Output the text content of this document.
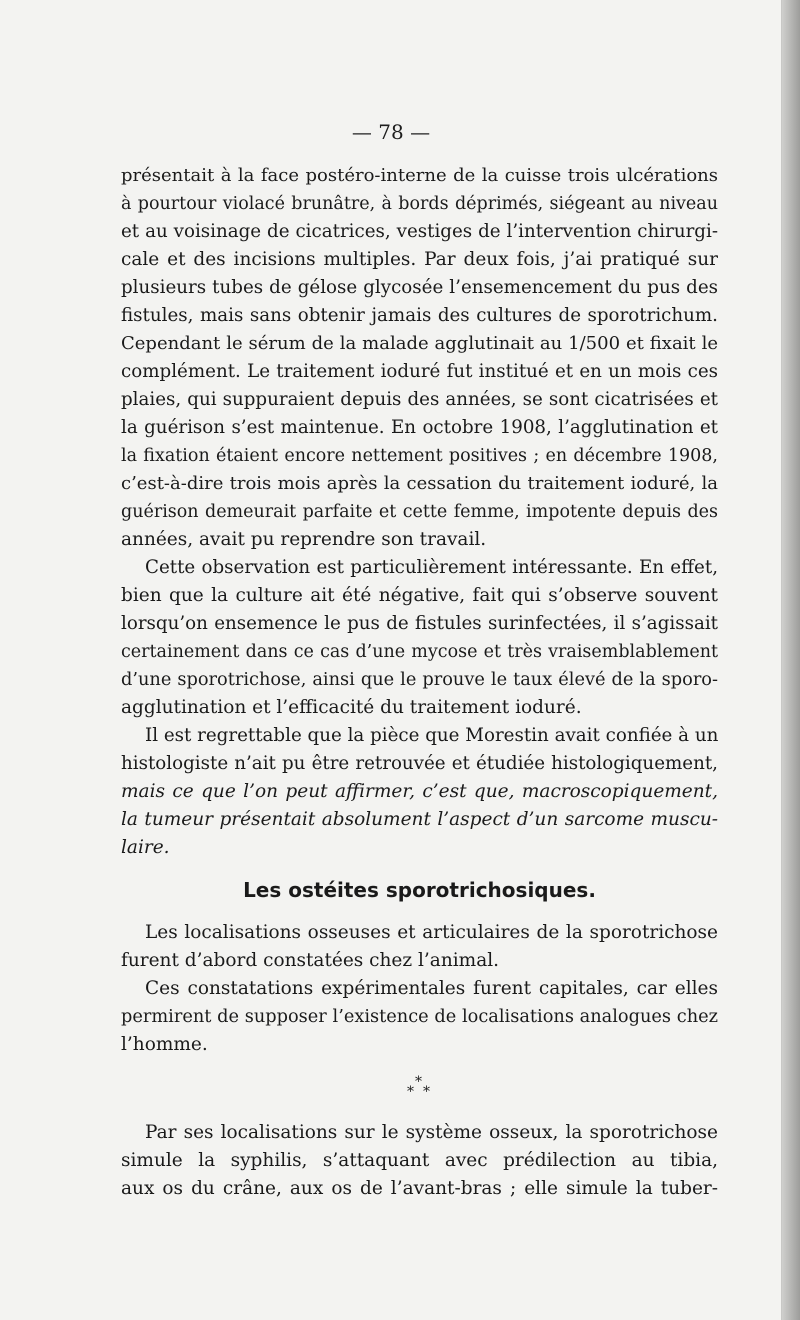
— 78 —
présentait à la face postéro-interne de la cuisse trois ulcérations
à pourtour violacé brunâtre, à bords déprimés, siégeant au niveau
et au voisinage de cicatrices, vestiges de l’intervention chirurgi-
cale et des incisions multiples. Par deux fois, j’ai pratiqué sur
plusieurs tubes de gélose glycosée l’ensemencement du pus des
fistules, mais sans obtenir jamais des cultures de sporotrichum.
Cependant le sérum de la malade agglutinait au 1/500 et fixait le
complément. Le traitement ioduré fut institué et en un mois ces
plaies, qui suppuraient depuis des années, se sont cicatrisées et
la guérison s’est maintenue. En octobre 1908, l’agglutination et
la fixation étaient encore nettement positives ; en décembre 1908,
c’est-à-dire trois mois après la cessation du traitement ioduré, la
guérison demeurait parfaite et cette femme, impotente depuis des
années, avait pu reprendre son travail.
Cette observation est particulièrement intéressante. En effet,
bien que la culture ait été négative, fait qui s’observe souvent
lorsqu’on ensemence le pus de fistules surinfectées, il s’agissait
certainement dans ce cas d’une mycose et très vraisemblablement
d’une sporotrichose, ainsi que le prouve le taux élevé de la sporo-
agglutination et l’efficacité du traitement ioduré.
Il est regrettable que la pièce que Morestin avait confiée à un
histologiste n’ait pu être retrouvée et étudiée histologiquement,
mais ce que l’on peut affirmer, c’est que, macroscopiquement,
la tumeur présentait absolument l’aspect d’un sarcome muscu-
laire.
Les ostéites sporotrichosiques.
Les localisations osseuses et articulaires de la sporotrichose
furent d’abord constatées chez l’animal.
Ces constatations expérimentales furent capitales, car elles
permirent de supposer l’existence de localisations analogues chez
l’homme.
*
* *
Par ses localisations sur le système osseux, la sporotrichose
simule la syphilis, s’attaquant avec prédilection au tibia,
aux os du crâne, aux os de l’avant-bras ; elle simule la tuber-
